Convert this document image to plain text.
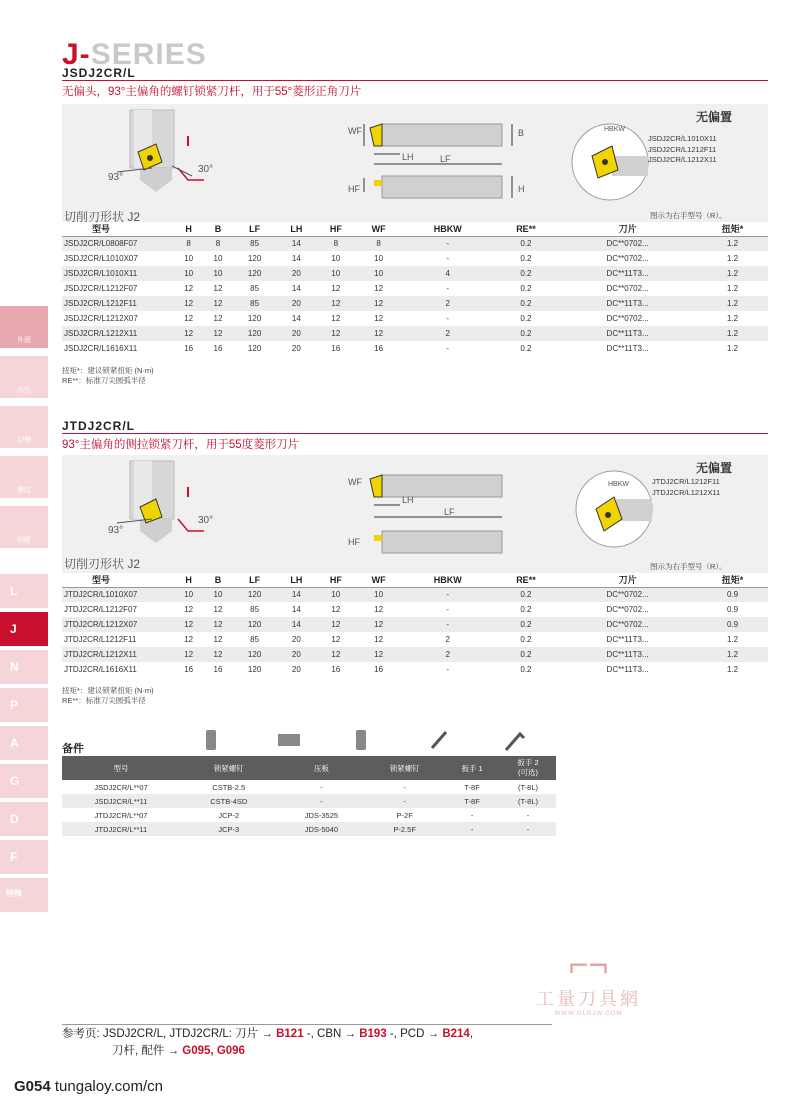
J-SERIES
JSDJ2CR/L
无偏头，93°主偏角的螺钉锁紧刀杆，用于55°菱形正角刀片
93°
30°
切削刃形状 J2
LH	LF
WF	B
HF	H
HBKW
无偏置
JSDJ2CR/L1010X11
JSDJ2CR/L1212F11
JSDJ2CR/L1212X11
图示为右手型号（R）。
型号	H	B	LF	LH	HF	WF	HBKW	RE**	刀片	扭矩*
JSDJ2CR/L0808F07	8	8	85	14	8	8	-	0.2	DC**0702...	1.2
JSDJ2CR/L1010X07	10	10	120	14	10	10	-	0.2	DC**0702...	1.2
JSDJ2CR/L1010X11	10	10	120	20	10	10	4	0.2	DC**11T3...	1.2
JSDJ2CR/L1212F07	12	12	85	14	12	12	-	0.2	DC**0702...	1.2
JSDJ2CR/L1212F11	12	12	85	20	12	12	2	0.2	DC**11T3...	1.2
JSDJ2CR/L1212X07	12	12	120	14	12	12	-	0.2	DC**0702...	1.2
JSDJ2CR/L1212X11	12	12	120	20	12	12	2	0.2	DC**11T3...	1.2
JSDJ2CR/L1616X11	16	16	120	20	16	16	-	0.2	DC**11T3...	1.2
扭矩*：建议锁紧扭矩 (N·m)
RE**：标准刀尖圆弧半径
JTDJ2CR/L
93°主偏角的侧拉锁紧刀杆，用于55度菱形刀片
93°
30°
切削刃形状 J2
LH
LF
WF
HF
HBKW
无偏置
JTDJ2CR/L1212F11
JTDJ2CR/L1212X11
图示为右手型号（R）。
型号	H	B	LF	LH	HF	WF	HBKW	RE**	刀片	扭矩*
JTDJ2CR/L1010X07	10	10	120	14	10	10	-	0.2	DC**0702...	0.9
JTDJ2CR/L1212F07	12	12	85	14	12	12	-	0.2	DC**0702...	0.9
JTDJ2CR/L1212X07	12	12	120	14	12	12	-	0.2	DC**0702...	0.9
JTDJ2CR/L1212F11	12	12	85	20	12	12	2	0.2	DC**11T3...	1.2
JTDJ2CR/L1212X11	12	12	120	20	12	12	2	0.2	DC**11T3...	1.2
JTDJ2CR/L1616X11	16	16	120	20	16	16	-	0.2	DC**11T3...	1.2
扭矩*：建议锁紧扭矩 (N·m)
RE**：标准刀尖圆弧半径
备件
型号	锁紧螺钉	压板	锁紧螺钉	扳手 1	扳手 2
(可选)
JSDJ2CR/L**07	CSTB-2.5	-	-	T-8F	(T-8L)
JSDJ2CR/L**11	CSTB-4SD	-	-	T-8F	(T-8L)
JTDJ2CR/L**07	JCP-2	JDS-3525	P-2F	-	-
JTDJ2CR/L**11	JCP-3	JDS-5040	P-2.5F	-	-
外圆
内孔
切槽
螺纹
切断
L
J
N
P
A
G
D
F
特殊
⌐¬
工量刀具網
WWW.GLRJW.COM
参考页: JSDJ2CR/L, JTDJ2CR/L: 刀片 → B121 -, CBN → B193 -, PCD → B214,
刀杆, 配件 → G095, G096
G054 tungaloy.com/cn
